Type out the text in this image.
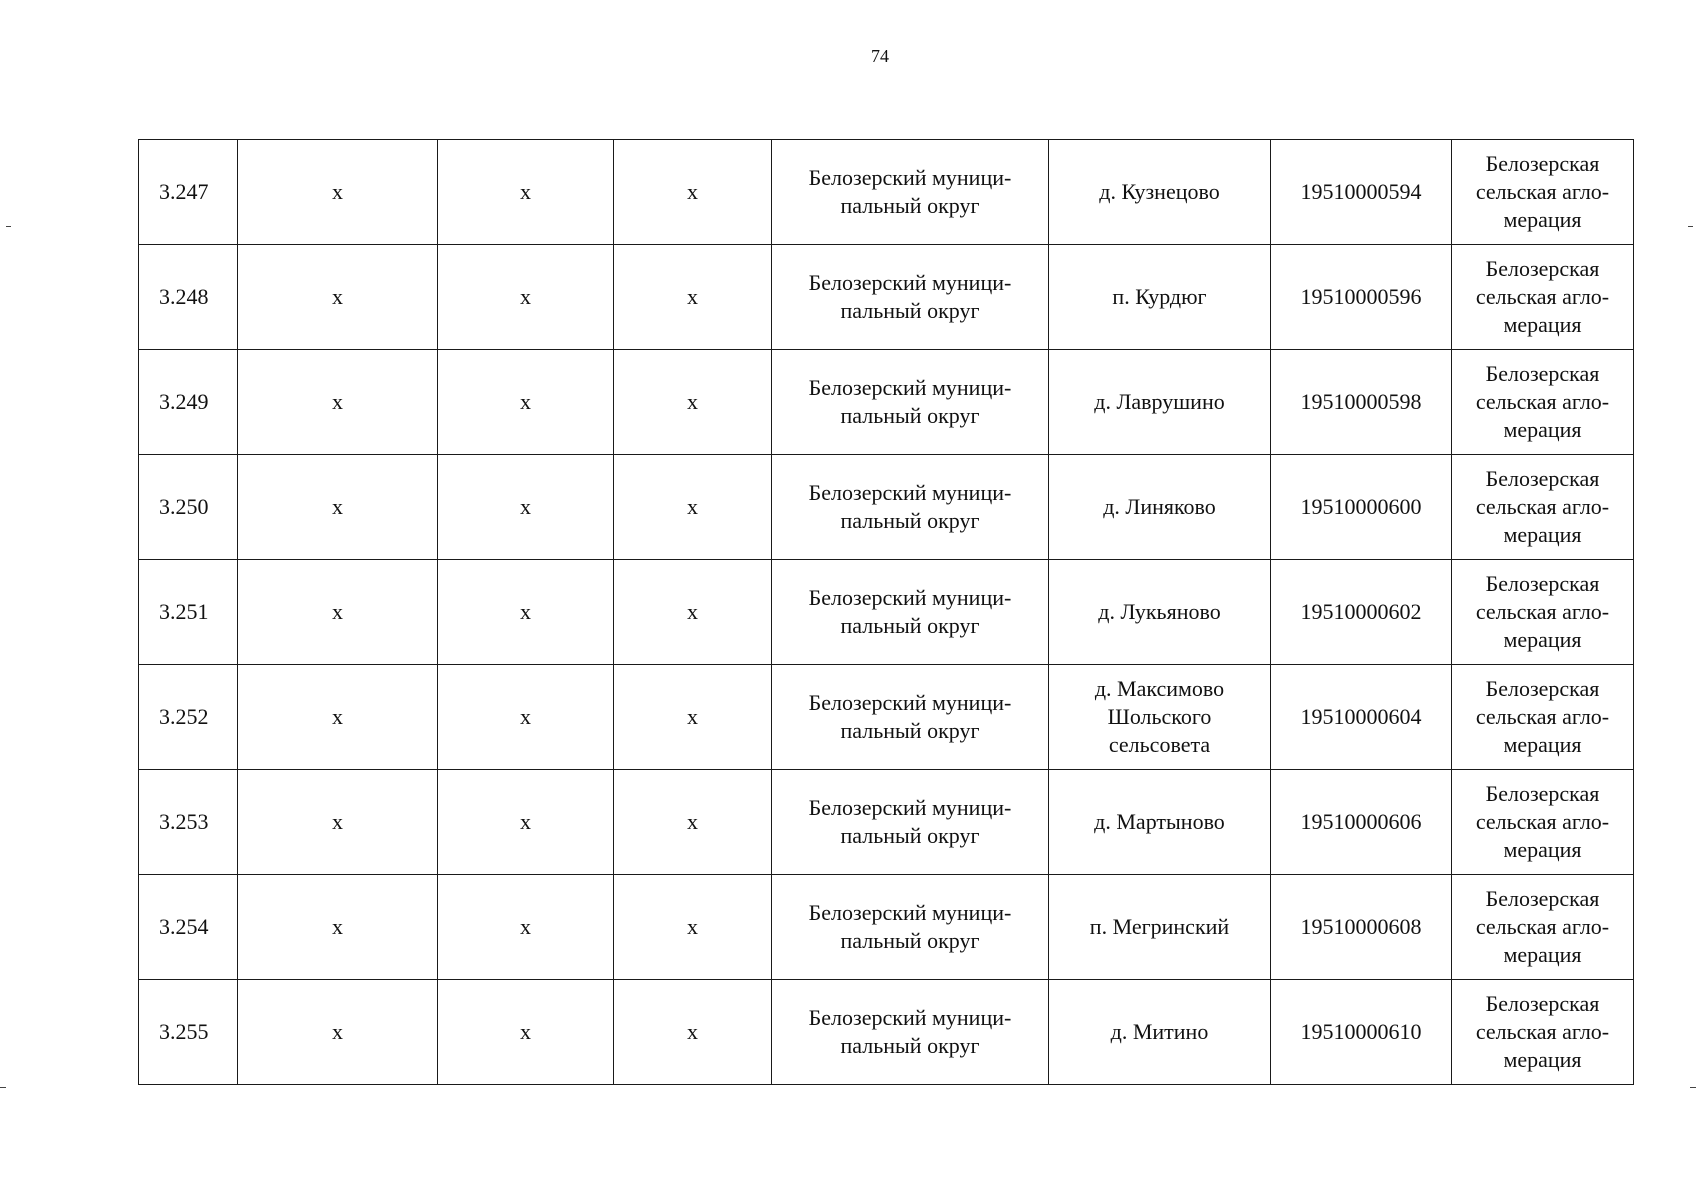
74
3.247	х	х	х	Белозерский муници-
пальный округ	д. Кузнецово	19510000594	Белозерская
сельская агло-
мерация
3.248	х	х	х	Белозерский муници-
пальный округ	п. Курдюг	19510000596	Белозерская
сельская агло-
мерация
3.249	х	х	х	Белозерский муници-
пальный округ	д. Лаврушино	19510000598	Белозерская
сельская агло-
мерация
3.250	х	х	х	Белозерский муници-
пальный округ	д. Линяково	19510000600	Белозерская
сельская агло-
мерация
3.251	х	х	х	Белозерский муници-
пальный округ	д. Лукьяново	19510000602	Белозерская
сельская агло-
мерация
3.252	х	х	х	Белозерский муници-
пальный округ	д. Максимово
Шольского
сельсовета	19510000604	Белозерская
сельская агло-
мерация
3.253	х	х	х	Белозерский муници-
пальный округ	д. Мартыново	19510000606	Белозерская
сельская агло-
мерация
3.254	х	х	х	Белозерский муници-
пальный округ	п. Мегринский	19510000608	Белозерская
сельская агло-
мерация
3.255	х	х	х	Белозерский муници-
пальный округ	д. Митино	19510000610	Белозерская
сельская агло-
мерация
